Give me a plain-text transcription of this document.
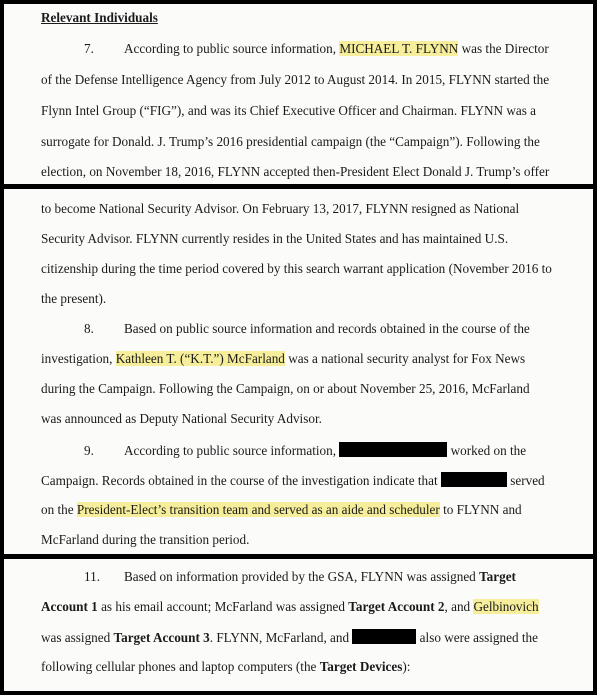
Relevant Individuals
7. According to public source information, MICHAEL T. FLYNN was the Director
of the Defense Intelligence Agency from July 2012 to August 2014. In 2015, FLYNN started the
Flynn Intel Group (“FIG”), and was its Chief Executive Officer and Chairman. FLYNN was a
surrogate for Donald. J. Trump’s 2016 presidential campaign (the “Campaign”). Following the
election, on November 18, 2016, FLYNN accepted then-President Elect Donald J. Trump’s offer
to become National Security Advisor. On February 13, 2017, FLYNN resigned as National
Security Advisor. FLYNN currently resides in the United States and has maintained U.S.
citizenship during the time period covered by this search warrant application (November 2016 to
the present).
8. Based on public source information and records obtained in the course of the
investigation, Kathleen T. (“K.T.”) McFarland was a national security analyst for Fox News
during the Campaign. Following the Campaign, on or about November 25, 2016, McFarland
was announced as Deputy National Security Advisor.
9. According to public source information,	worked on the
Campaign. Records obtained in the course of the investigation indicate that	served
on the President-Elect’s transition team and served as an aide and scheduler to FLYNN and
McFarland during the transition period.
11. Based on information provided by the GSA, FLYNN was assigned Target
Account 1 as his email account; McFarland was assigned Target Account 2, and Gelbinovich
was assigned Target Account 3. FLYNN, McFarland, and	also were assigned the
following cellular phones and laptop computers (the Target Devices):
